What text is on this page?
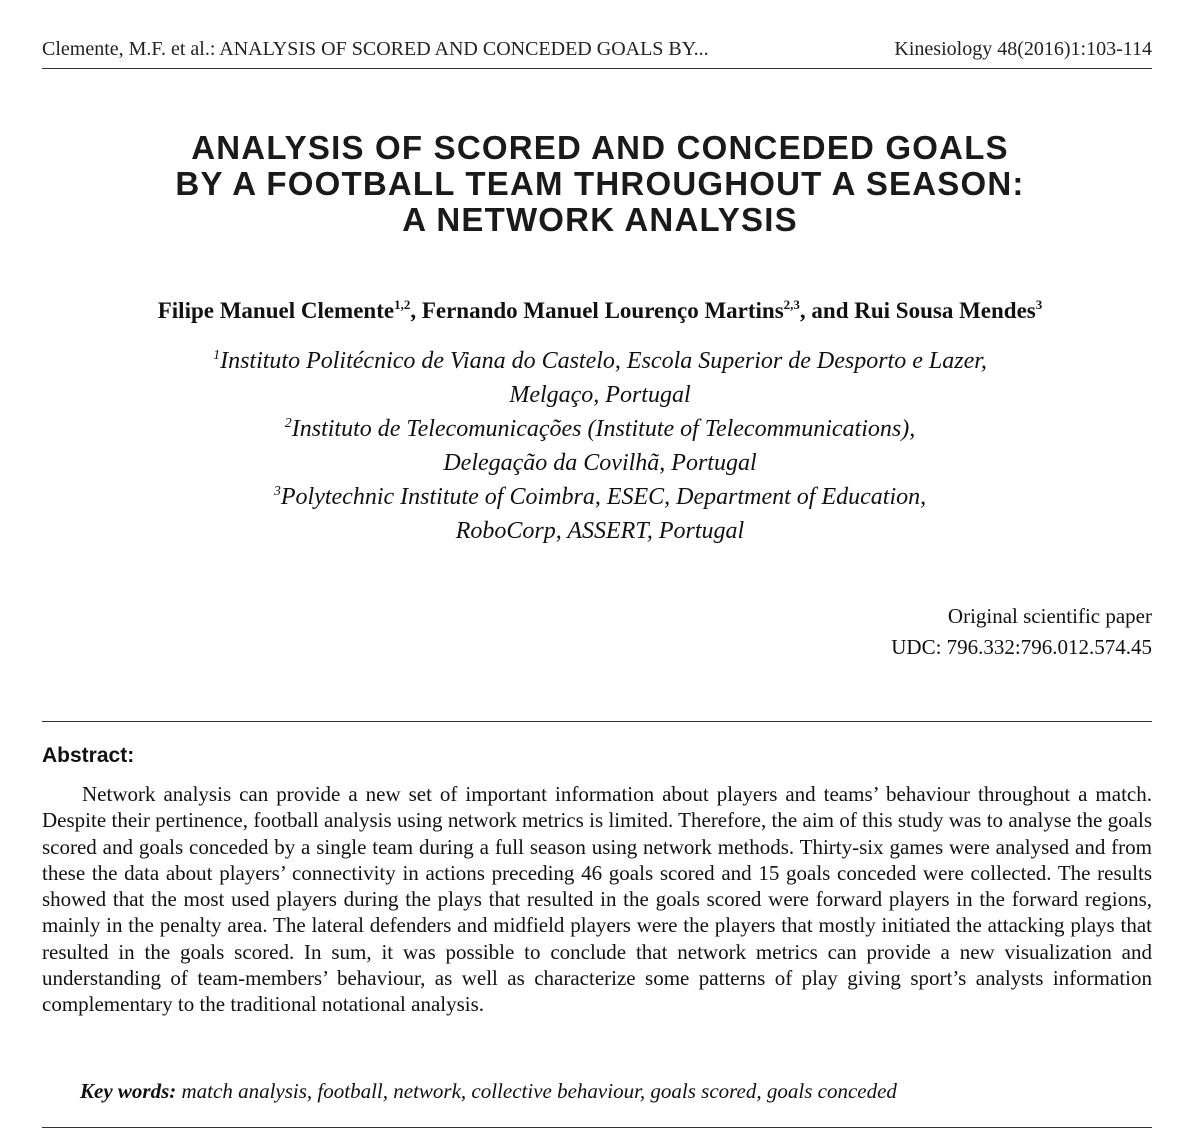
Clemente, M.F. et al.: ANALYSIS OF SCORED AND CONCEDED GOALS BY...	Kinesiology 48(2016)1:103-114
ANALYSIS OF SCORED AND CONCEDED GOALS
BY A FOOTBALL TEAM THROUGHOUT A SEASON:
A NETWORK ANALYSIS
Filipe Manuel Clemente$^{1,2}$, Fernando Manuel Lourenço Martins$^{2,3}$, and Rui Sousa Mendes$^3$
$^1$Instituto Politécnico de Viana do Castelo, Escola Superior de Desporto e Lazer,
Melgaço, Portugal
$^2$Instituto de Telecomunicações (Institute of Telecommunications),
Delegação da Covilhã, Portugal
$^3$Polytechnic Institute of Coimbra, ESEC, Department of Education,
RoboCorp, ASSERT, Portugal
Original scientific paper
UDC: 796.332:796.012.574.45
Abstract:

Network analysis can provide a new set of important information about players and teams’ behaviour throughout a match. Despite their pertinence, football analysis using network metrics is limited. Therefore, the aim of this study was to analyse the goals scored and goals conceded by a single team during a full season using network methods. Thirty-six games were analysed and from these the data about players’ connectivity in actions preceding 46 goals scored and 15 goals conceded were collected. The results showed that the most used players during the plays that resulted in the goals scored were forward players in the forward regions, mainly in the penalty area. The lateral defenders and midfield players were the players that mostly initiated the attacking plays that resulted in the goals scored. In sum, it was possible to conclude that network metrics can provide a new visualization and understanding of team-members’ behaviour, as well as characterize some patterns of play giving sport’s analysts information complementary to the traditional notational analysis.

Key words: match analysis, football, network, collective behaviour, goals scored, goals conceded
